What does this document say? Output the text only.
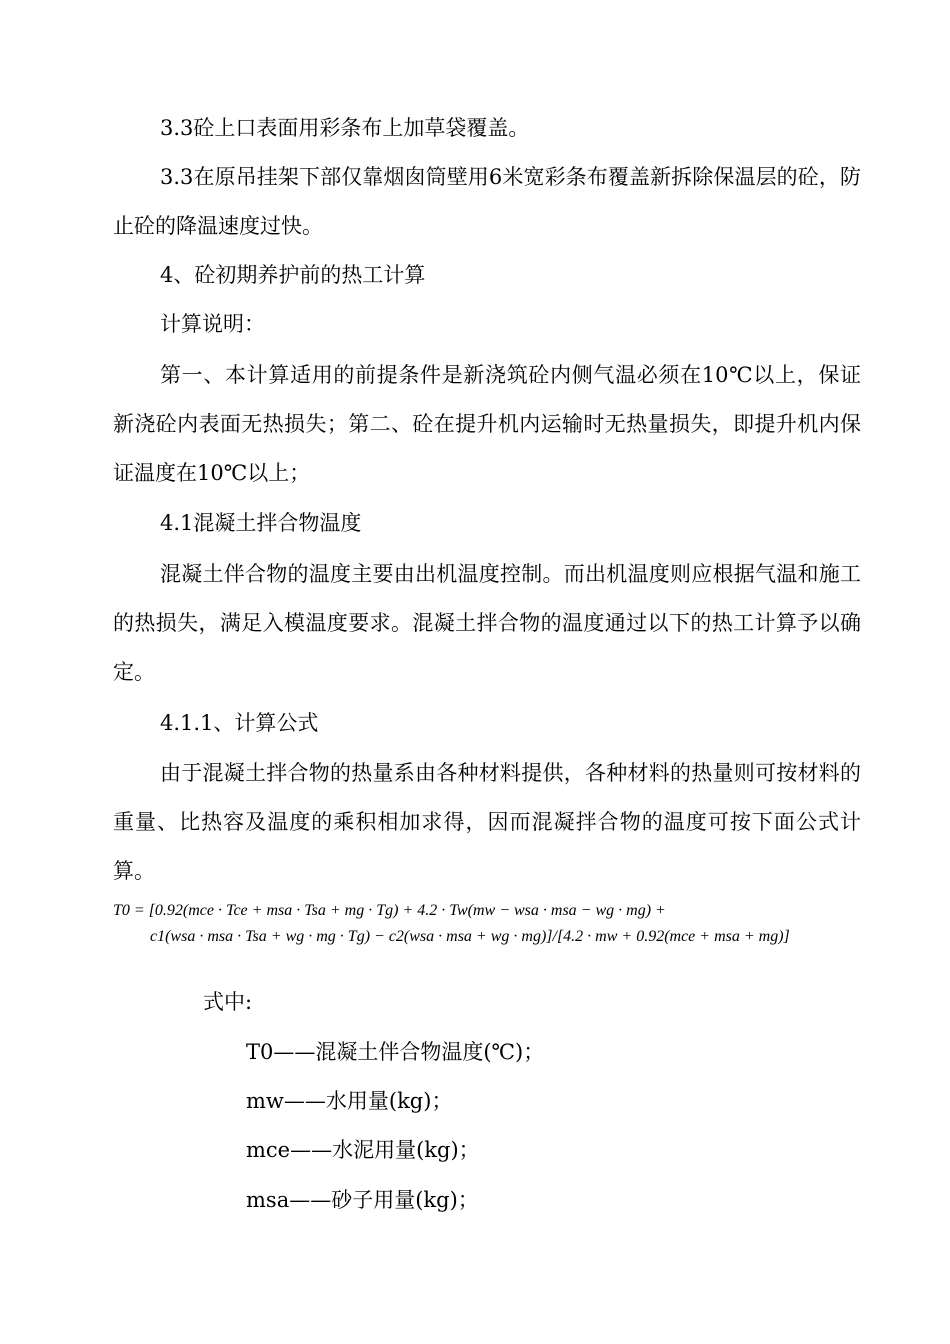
3.3砼上口表面用彩条布上加草袋覆盖。
3.3在原吊挂架下部仅靠烟囱筒壁用6米宽彩条布覆盖新拆除保温层的砼，防止砼的降温速度过快。
4、砼初期养护前的热工计算
计算说明：
第一、本计算适用的前提条件是新浇筑砼内侧气温必须在10℃以上，保证新浇砼内表面无热损失；第二、砼在提升机内运输时无热量损失，即提升机内保证温度在10℃以上；
4.1混凝土拌合物温度
混凝土伴合物的温度主要由出机温度控制。而出机温度则应根据气温和施工的热损失，满足入模温度要求。混凝土拌合物的温度通过以下的热工计算予以确定。
4.1.1、计算公式
由于混凝土拌合物的热量系由各种材料提供，各种材料的热量则可按材料的重量、比热容及温度的乘积相加求得，因而混凝拌合物的温度可按下面公式计算。
T0 = [0.92(mce · Tce + msa · Tsa + mg · Tg) + 4.2 · Tw(mw − wsa · msa − wg · mg) +
c1(wsa · msa · Tsa + wg · mg · Tg) − c2(wsa · msa + wg · mg)]/[4.2 · mw + 0.92(mce + msa + mg)]
式中:
T0——混凝土伴合物温度(℃)；
mw——水用量(kg)；
mce——水泥用量(kg)；
msa——砂子用量(kg)；
